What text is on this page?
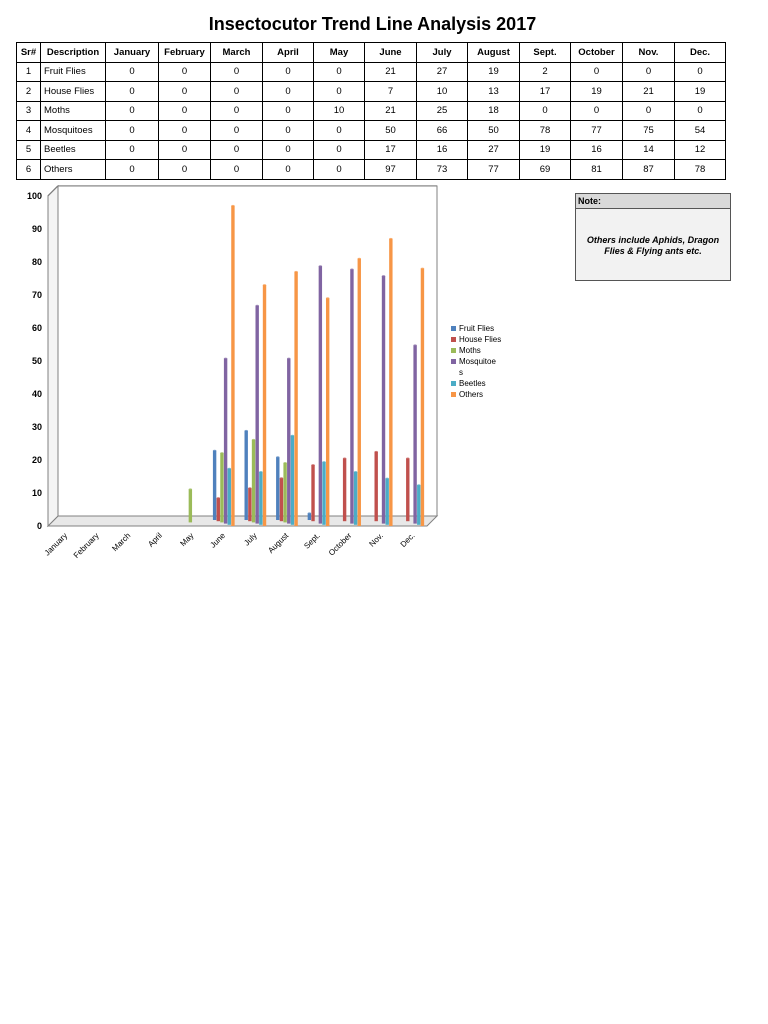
Insectocutor Trend Line Analysis 2017
Sr#	Description	January	February	March	April	May	June	July	August	Sept.	October	Nov.	Dec.
1	Fruit Flies	0	0	0	0	0	21	27	19	2	0	0	0
2	House Flies	0	0	0	0	0	7	10	13	17	19	21	19
3	Moths	0	0	0	0	10	21	25	18	0	0	0	0
4	Mosquitoes	0	0	0	0	0	50	66	50	78	77	75	54
5	Beetles	0	0	0	0	0	17	16	27	19	16	14	12
6	Others	0	0	0	0	0	97	73	77	69	81	87	78
0
10
20
30
40
50
60
70
80
90
100
January February March April May June July August Sept. October Nov. Dec.
Fruit Flies
House Flies
Moths
Mosquitoe s
Beetles
Others
Note:
Others include Aphids, Dragon Flies & Flying ants etc.
